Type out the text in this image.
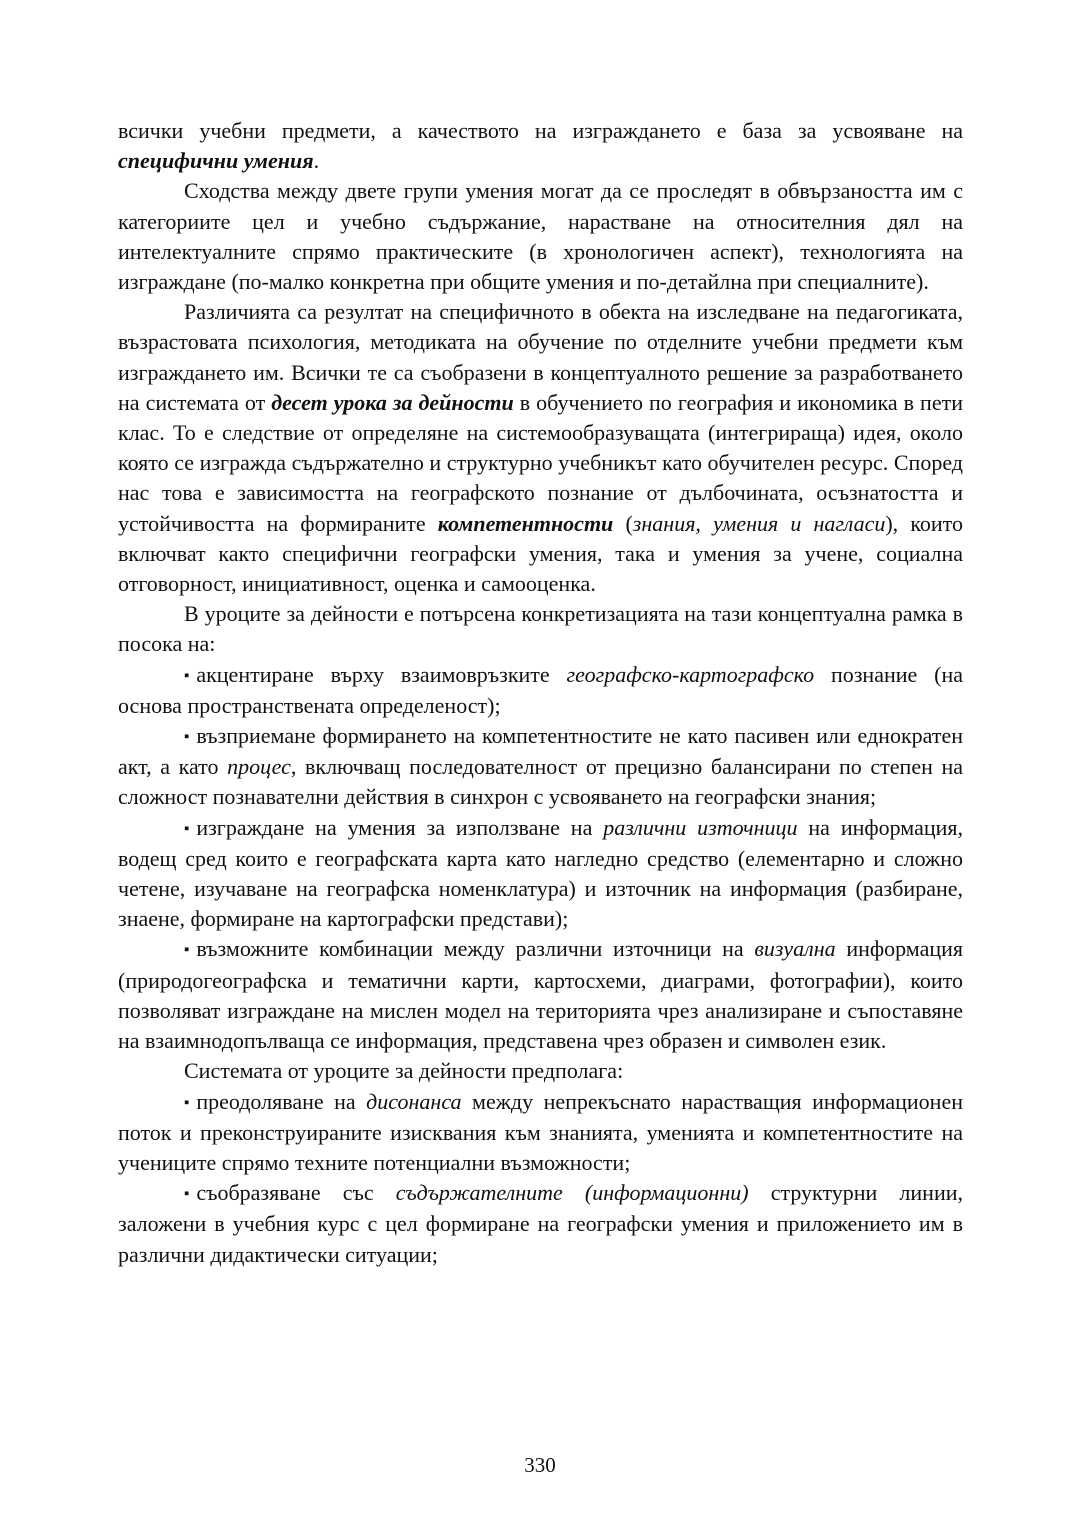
всички учебни предмети, а качеството на изграждането е база за усвояване на специфични умения.

Сходства между двете групи умения могат да се проследят в обвързаността им с категориите цел и учебно съдържание, нарастване на относителния дял на интелектуалните спрямо практическите (в хронологичен аспект), технологията на изграждане (по-малко конкретна при общите умения и по-детайлна при специалните).

Различията са резултат на специфичното в обекта на изследване на педагогиката, възрастовата психология, методиката на обучение по отделните учебни предмети към изграждането им. Всички те са съобразени в концептуалното решение за разработването на системата от десет урока за дейности в обучението по география и икономика в пети клас. То е следствие от определяне на системообразуващата (интегрираща) идея, около която се изгражда съдържателно и структурно учебникът като обучителен ресурс. Според нас това е зависимостта на географското познание от дълбочината, осъзнатостта и устойчивостта на формираните компетентности (знания, умения и нагласи), които включват както специфични географски умения, така и умения за учене, социална отговорност, инициативност, оценка и самооценка.

В уроците за дейности е потърсена конкретизацията на тази концептуална рамка в посока на:

▪ акцентиране върху взаимовръзките географско-картографско познание (на основа пространствената определеност);

▪ възприемане формирането на компетентностите не като пасивен или еднократен акт, а като процес, включващ последователност от прецизно балансирани по степен на сложност познавателни действия в синхрон с усвояването на географски знания;

▪ изграждане на умения за използване на различни източници на информация, водещ сред които е географската карта като нагледно средство (елементарно и сложно четене, изучаване на географска номенклатура) и източник на информация (разбиране, знаене, формиране на картографски представи);

▪ възможните комбинации между различни източници на визуална информация (природогеографска и тематични карти, картосхеми, диаграми, фотографии), които позволяват изграждане на мислен модел на територията чрез анализиране и съпоставяне на взаимнодопълваща се информация, представена чрез образен и символен език.

Системата от уроците за дейности предполага:

▪ преодоляване на дисонанса между непрекъснато нарастващия информационен поток и преконструираните изисквания към знанията, уменията и компетентностите на учениците спрямо техните потенциални възможности;

▪ съобразяване със съдържателните (информационни) структурни линии, заложени в учебния курс с цел формиране на географски умения и приложението им в различни дидактически ситуации;

330
